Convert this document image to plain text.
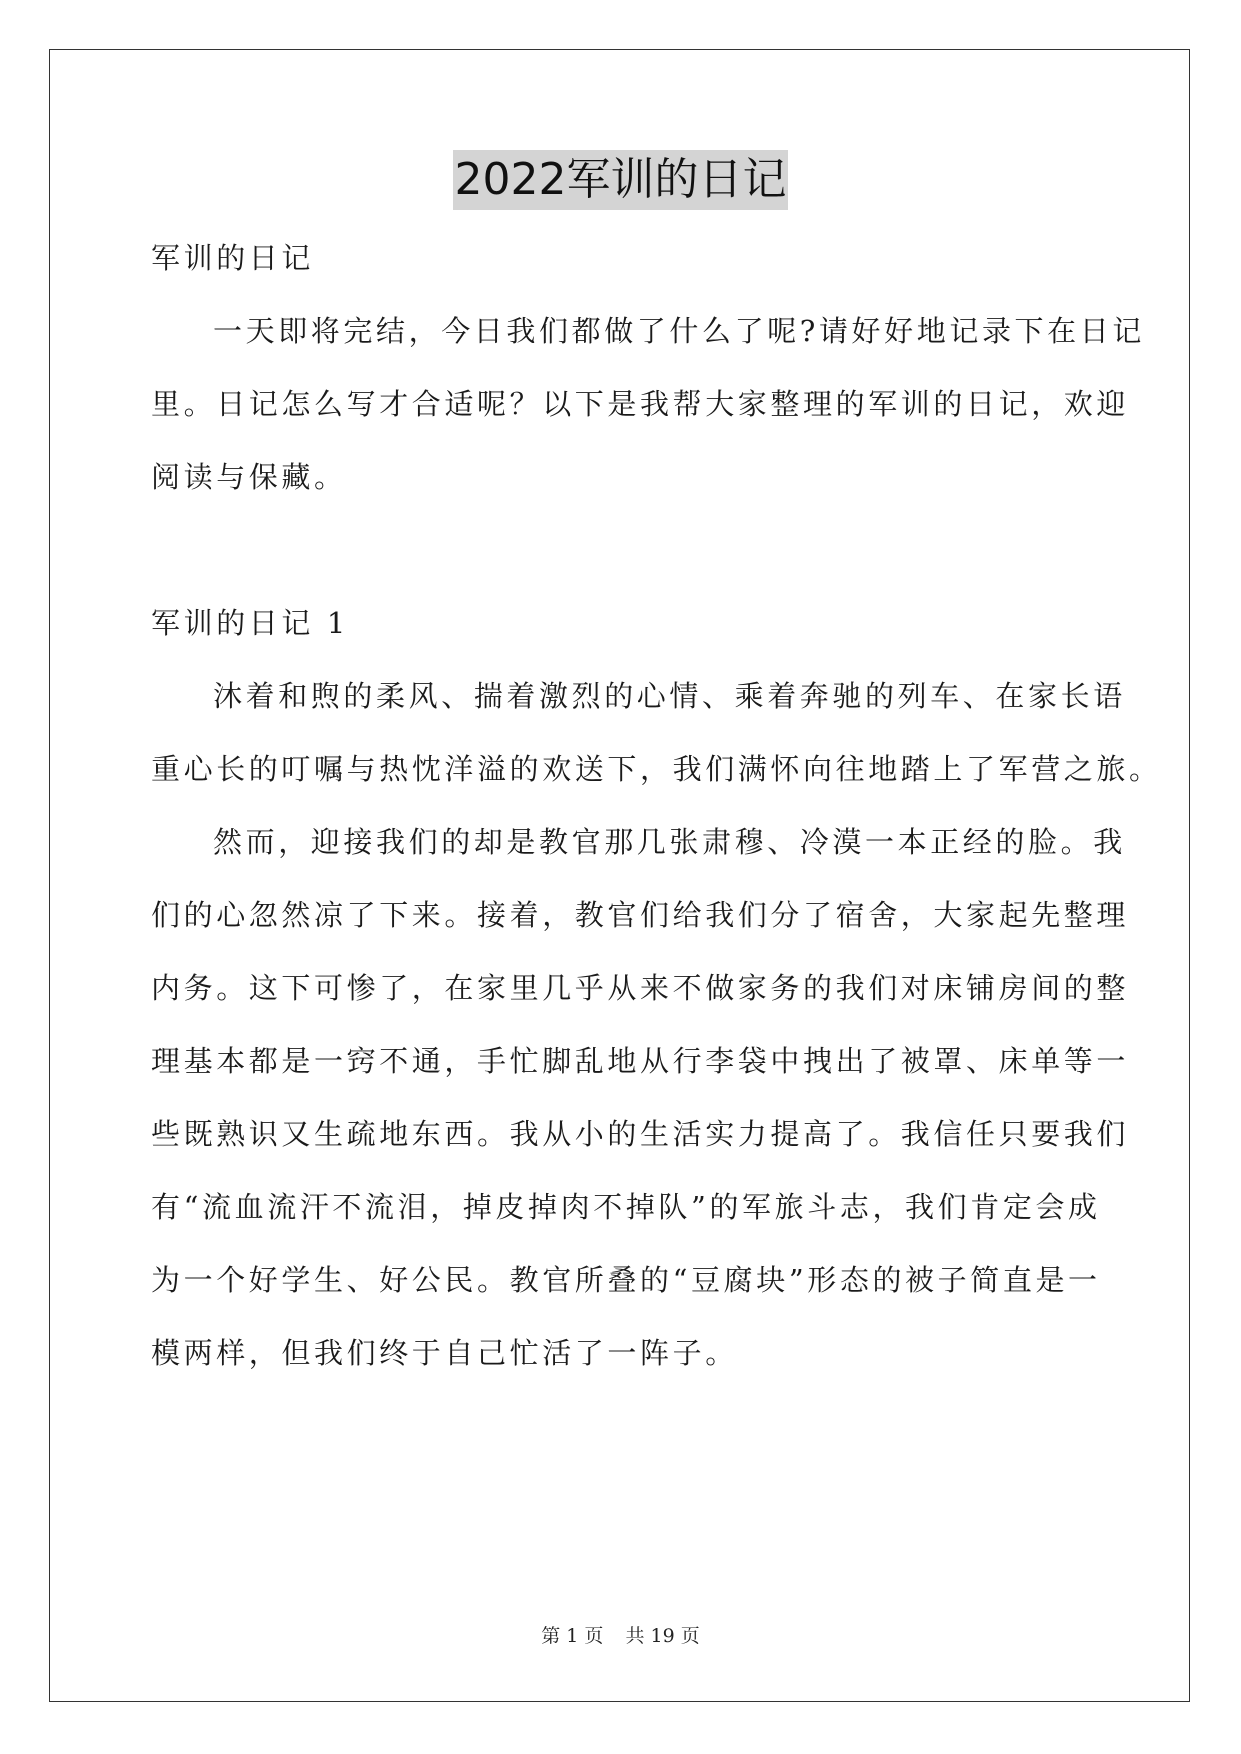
2022军训的日记

军训的日记

一天即将完结，今日我们都做了什么了呢?请好好地记录下在日记

里。日记怎么写才合适呢？以下是我帮大家整理的军训的日记，欢迎

阅读与保藏。

军训的日记 1

沐着和煦的柔风、揣着激烈的心情、乘着奔驰的列车、在家长语

重心长的叮嘱与热忱洋溢的欢送下，我们满怀向往地踏上了军营之旅。

然而，迎接我们的却是教官那几张肃穆、冷漠一本正经的脸。我

们的心忽然凉了下来。接着，教官们给我们分了宿舍，大家起先整理

内务。这下可惨了，在家里几乎从来不做家务的我们对床铺房间的整

理基本都是一窍不通，手忙脚乱地从行李袋中拽出了被罩、床单等一

些既熟识又生疏地东西。我从小的生活实力提高了。我信任只要我们

有“流血流汗不流泪，掉皮掉肉不掉队”的军旅斗志，我们肯定会成

为一个好学生、好公民。教官所叠的“豆腐块”形态的被子简直是一

模两样，但我们终于自己忙活了一阵子。

第 1 页 共 19 页
